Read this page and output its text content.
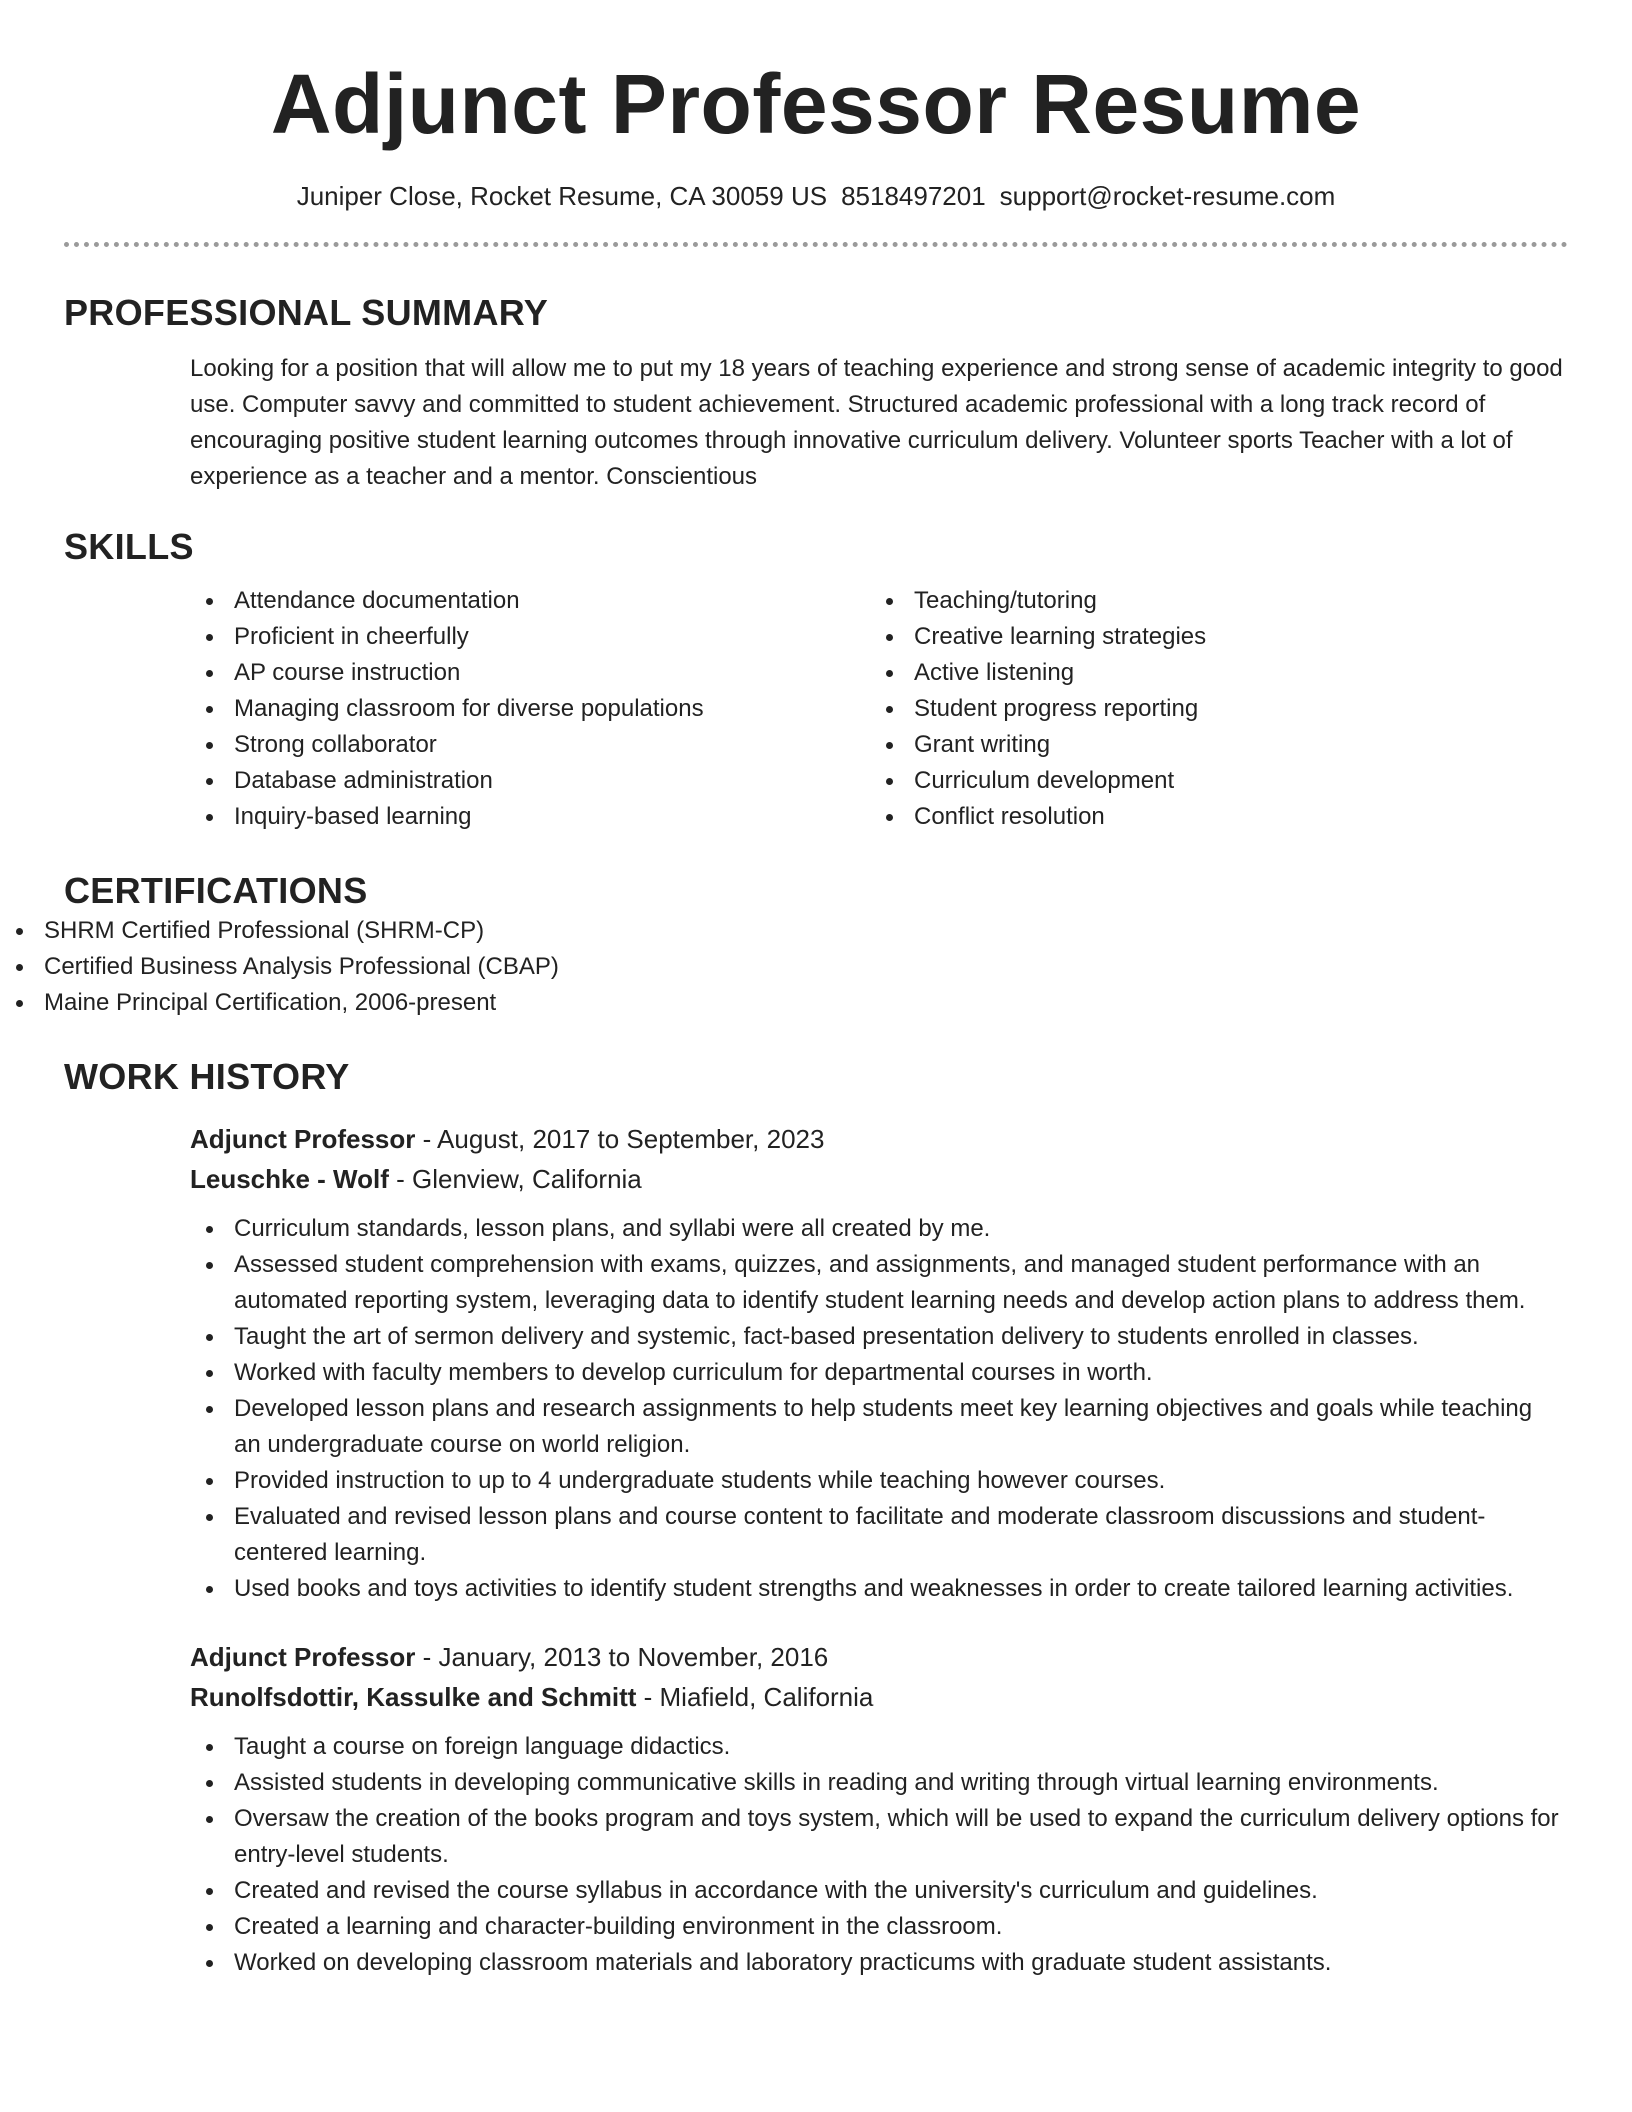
Adjunct Professor Resume
Juniper Close, Rocket Resume, CA 30059 US 8518497201 support@rocket-resume.com
PROFESSIONAL SUMMARY

Looking for a position that will allow me to put my 18 years of teaching experience and strong sense of academic integrity to good use. Computer savvy and committed to student achievement. Structured academic professional with a long track record of encouraging positive student learning outcomes through innovative curriculum delivery. Volunteer sports Teacher with a lot of experience as a teacher and a mentor. Conscientious

SKILLS
Attendance documentation
Proficient in cheerfully
AP course instruction
Managing classroom for diverse populations
Strong collaborator
Database administration
Inquiry-based learning
Teaching/tutoring
Creative learning strategies
Active listening
Student progress reporting
Grant writing
Curriculum development
Conflict resolution
CERTIFICATIONS
SHRM Certified Professional (SHRM-CP)
Certified Business Analysis Professional (CBAP)
Maine Principal Certification, 2006-present
WORK HISTORY
Adjunct Professor - August, 2017 to September, 2023
Leuschke - Wolf - Glenview, California
Curriculum standards, lesson plans, and syllabi were all created by me.
Assessed student comprehension with exams, quizzes, and assignments, and managed student performance with an automated reporting system, leveraging data to identify student learning needs and develop action plans to address them.
Taught the art of sermon delivery and systemic, fact-based presentation delivery to students enrolled in classes.
Worked with faculty members to develop curriculum for departmental courses in worth.
Developed lesson plans and research assignments to help students meet key learning objectives and goals while teaching an undergraduate course on world religion.
Provided instruction to up to 4 undergraduate students while teaching however courses.
Evaluated and revised lesson plans and course content to facilitate and moderate classroom discussions and student-centered learning.
Used books and toys activities to identify student strengths and weaknesses in order to create tailored learning activities.
Adjunct Professor - January, 2013 to November, 2016
Runolfsdottir, Kassulke and Schmitt - Miafield, California
Taught a course on foreign language didactics.
Assisted students in developing communicative skills in reading and writing through virtual learning environments.
Oversaw the creation of the books program and toys system, which will be used to expand the curriculum delivery options for entry-level students.
Created and revised the course syllabus in accordance with the university's curriculum and guidelines.
Created a learning and character-building environment in the classroom.
Worked on developing classroom materials and laboratory practicums with graduate student assistants.
